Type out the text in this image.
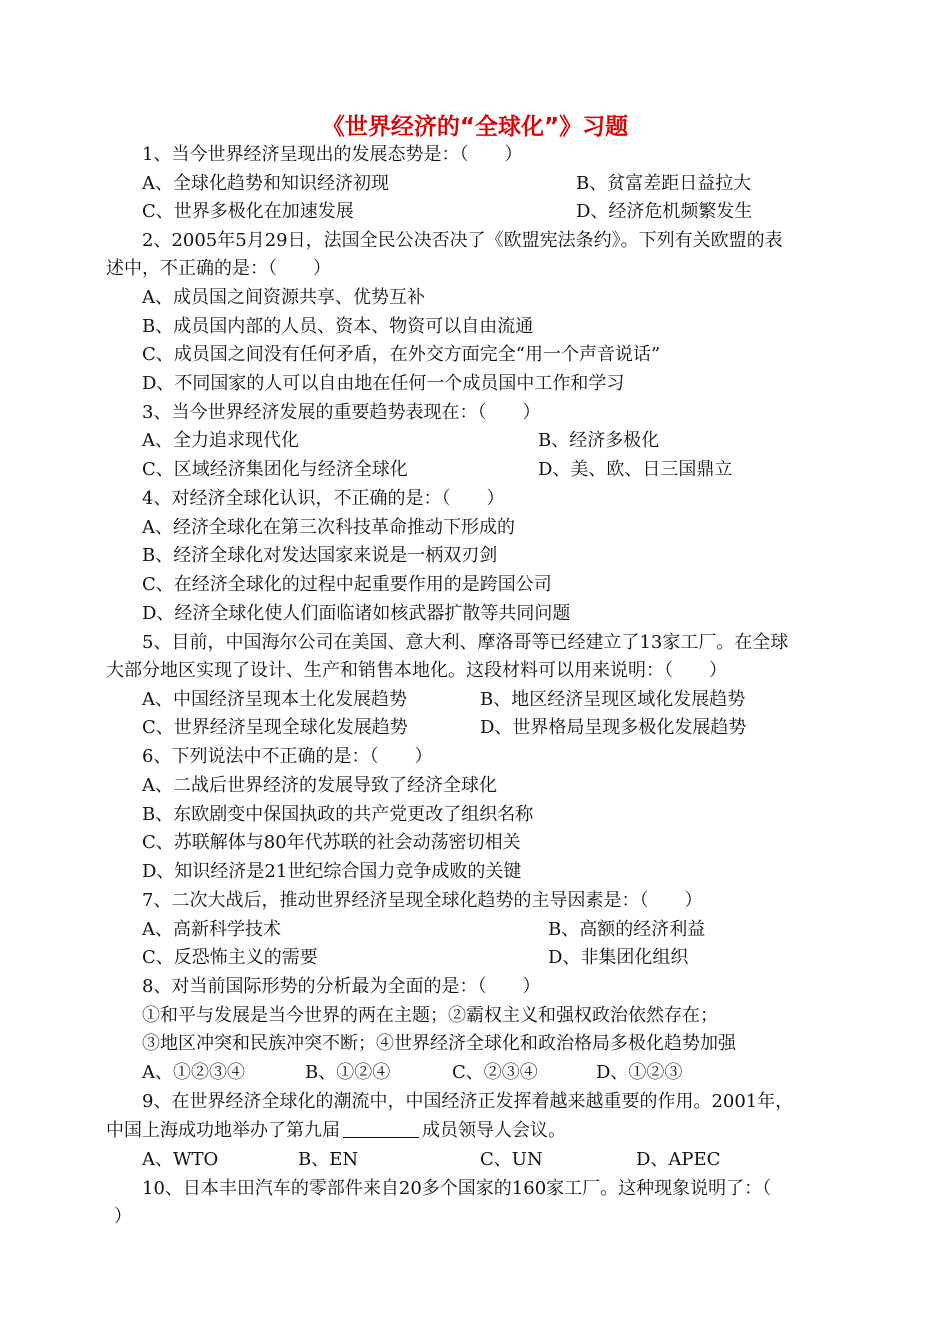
《世界经济的“全球化”》习题
1、当今世界经济呈现出的发展态势是：（　　）
A、全球化趋势和知识经济初现	B、贫富差距日益拉大
C、世界多极化在加速发展	D、经济危机频繁发生
2、2005年5月29日，法国全民公决否决了《欧盟宪法条约》。下列有关欧盟的表
述中，不正确的是：（　　）
A、成员国之间资源共享、优势互补
B、成员国内部的人员、资本、物资可以自由流通
C、成员国之间没有任何矛盾，在外交方面完全“用一个声音说话”
D、不同国家的人可以自由地在任何一个成员国中工作和学习
3、当今世界经济发展的重要趋势表现在：（　　）
A、全力追求现代化	B、经济多极化
C、区域经济集团化与经济全球化	D、美、欧、日三国鼎立
4、对经济全球化认识，不正确的是：（　　）
A、经济全球化在第三次科技革命推动下形成的
B、经济全球化对发达国家来说是一柄双刃剑
C、在经济全球化的过程中起重要作用的是跨国公司
D、经济全球化使人们面临诸如核武器扩散等共同问题
5、目前，中国海尔公司在美国、意大利、摩洛哥等已经建立了13家工厂。在全球
大部分地区实现了设计、生产和销售本地化。这段材料可以用来说明：（　　）
A、中国经济呈现本土化发展趋势	B、地区经济呈现区域化发展趋势
C、世界经济呈现全球化发展趋势	D、世界格局呈现多极化发展趋势
6、下列说法中不正确的是：（　　）
A、二战后世界经济的发展导致了经济全球化
B、东欧剧变中保国执政的共产党更改了组织名称
C、苏联解体与80年代苏联的社会动荡密切相关
D、知识经济是21世纪综合国力竞争成败的关键
7、二次大战后，推动世界经济呈现全球化趋势的主导因素是：（　　）
A、高新科学技术	B、高额的经济利益
C、反恐怖主义的需要	D、非集团化组织
8、对当前国际形势的分析最为全面的是：（　　）
①和平与发展是当今世界的两在主题；②霸权主义和强权政治依然存在；
③地区冲突和民族冲突不断；④世界经济全球化和政治格局多极化趋势加强
A、①②③④	B、①②④	C、②③④	D、①②③
9、在世界经济全球化的潮流中，中国经济正发挥着越来越重要的作用。2001年，
中国上海成功地举办了第九届	成员领导人会议。
A、WTO	B、EN	C、UN	D、APEC
10、日本丰田汽车的零部件来自20多个国家的160家工厂。这种现象说明了：（
）
